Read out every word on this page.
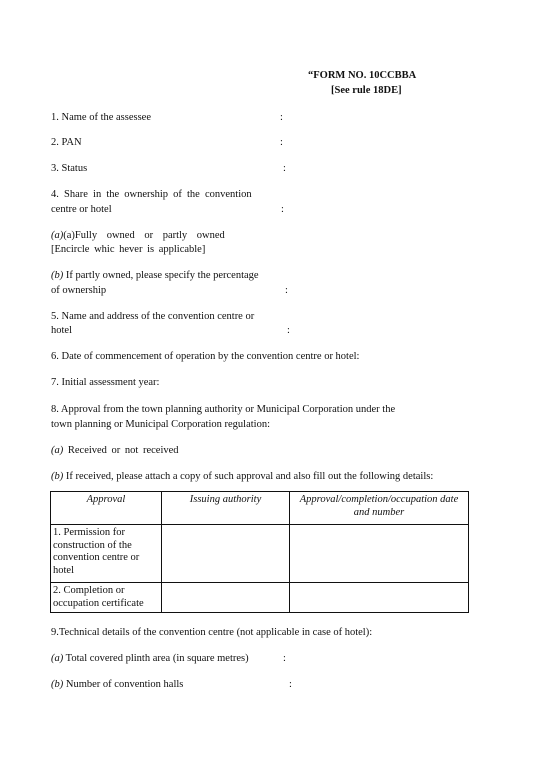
“FORM NO. 10CCBBA
[See rule 18DE]
1. Name of the assessee	:
2. PAN	:
3. Status	:
4. Share in the ownership of the convention
centre or hotel	:
(a)(a)Fully owned or partly owned
[Encircle whic hever is applicable]
(b) If partly owned, please specify the percentage
of ownership	:
5. Name and address of the convention centre or
hotel	:
6. Date of commencement of operation by the convention centre or hotel:
7. Initial assessment year:
8. Approval from the town planning authority or Municipal Corporation under the
town planning or Municipal Corporation regulation:
(a) Received or not received
(b) If received, please attach a copy of such approval and also fill out the following details:
Approval	Issuing authority	Approval/completion/occupation date and number
1. Permission for construction of the convention centre or hotel		
2. Completion or occupation certificate		
9.Technical details of the convention centre (not applicable in case of hotel):
(a) Total covered plinth area (in square metres)	:
(b) Number of convention halls	:
